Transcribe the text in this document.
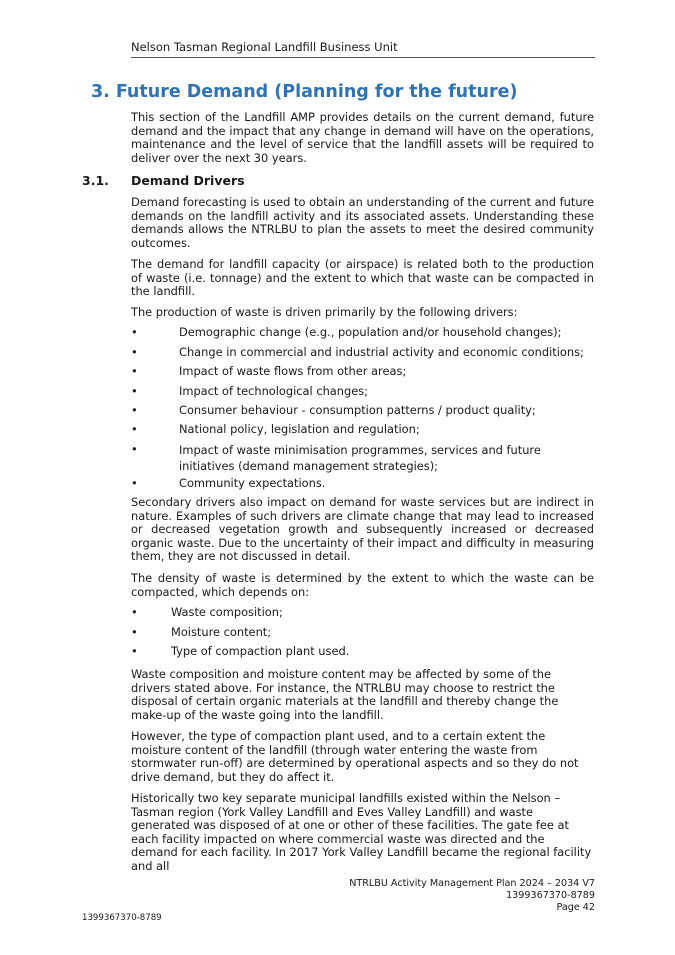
Nelson Tasman Regional Landfill Business Unit
3. Future Demand (Planning for the future)

This section of the Landfill AMP provides details on the current demand, future demand and the impact that any change in demand will have on the operations, maintenance and the level of service that the landfill assets will be required to deliver over the next 30 years.

3.1. Demand Drivers

Demand forecasting is used to obtain an understanding of the current and future demands on the landfill activity and its associated assets. Understanding these demands allows the NTRLBU to plan the assets to meet the desired community outcomes.

The demand for landfill capacity (or airspace) is related both to the production of waste (i.e. tonnage) and the extent to which that waste can be compacted in the landfill.

The production of waste is driven primarily by the following drivers:

•	Demographic change (e.g., population and/or household changes);
•	Change in commercial and industrial activity and economic conditions;
•	Impact of waste flows from other areas;
•	Impact of technological changes;
•	Consumer behaviour - consumption patterns / product quality;
•	National policy, legislation and regulation;
•	Impact of waste minimisation programmes, services and future initiatives (demand management strategies);
•	Community expectations.

Secondary drivers also impact on demand for waste services but are indirect in nature. Examples of such drivers are climate change that may lead to increased or decreased vegetation growth and subsequently increased or decreased organic waste. Due to the uncertainty of their impact and difficulty in measuring them, they are not discussed in detail.

The density of waste is determined by the extent to which the waste can be compacted, which depends on:

•	Waste composition;
•	Moisture content;
•	Type of compaction plant used.

Waste composition and moisture content may be affected by some of the drivers stated above. For instance, the NTRLBU may choose to restrict the disposal of certain organic materials at the landfill and thereby change the make-up of the waste going into the landfill.

However, the type of compaction plant used, and to a certain extent the moisture content of the landfill (through water entering the waste from stormwater run-off) are determined by operational aspects and so they do not drive demand, but they do affect it.

Historically two key separate municipal landfills existed within the Nelson – Tasman region (York Valley Landfill and Eves Valley Landfill) and waste generated was disposed of at one or other of these facilities. The gate fee at each facility impacted on where commercial waste was directed and the demand for each facility. In 2017 York Valley Landfill became the regional facility and all

NTRLBU Activity Management Plan 2024 – 2034 V7
1399367370-8789
Page 42
1399367370-8789
